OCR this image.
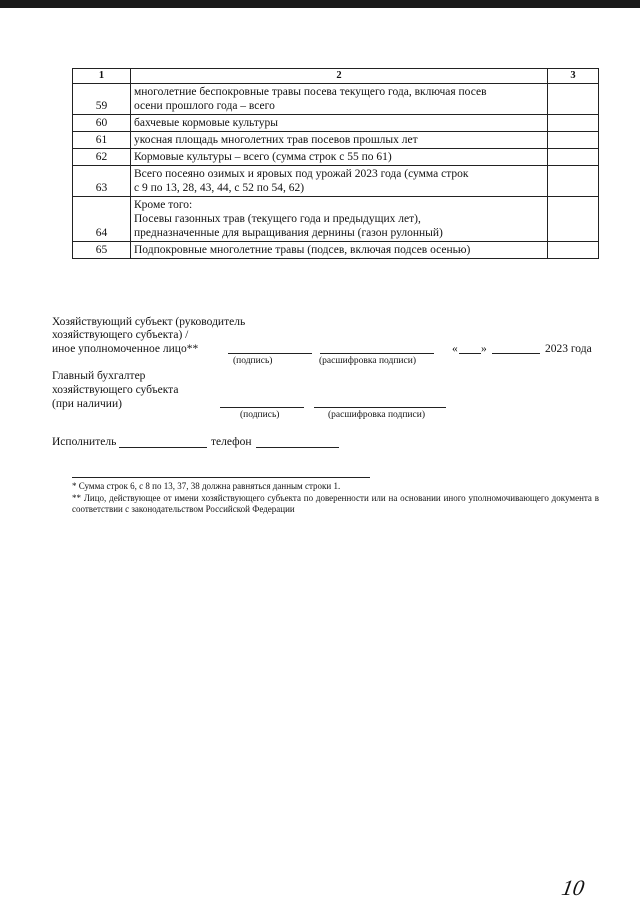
1	2	3
59	многолетние беспокровные травы посева текущего года, включая посев
осени прошлого года – всего	

60	бахчевые кормовые культуры	

61	укосная площадь многолетних трав посевов прошлых лет	

62	Кормовые культуры – всего (сумма строк с 55 по 61)	

63	Всего посеяно озимых и яровых под урожай 2023 года (сумма строк
с 9 по 13, 28, 43, 44, с 52 по 54, 62)	

64	Кроме того:
Посевы газонных трав (текущего года и предыдущих лет),
предназначенные для выращивания дернины (газон рулонный)	

65	Подпокровные многолетние травы (подсев, включая подсев осенью)	

Хозяйствующий субъект (руководитель
хозяйствующего субъекта) /
иное уполномоченное лицо**
(подпись)	(расшифровка подписи)
« »	2023 года
Главный бухгалтер
хозяйствующего субъекта
(при наличии)
(подпись)	(расшифровка подписи)
Исполнитель	телефон
* Сумма строк 6, с 8 по 13, 37, 38 должна равняться данным строки 1.
** Лицо, действующее от имени хозяйствующего субъекта по доверенности или на основании иного уполномочивающего документа в соответствии с законодательством Российской Федерации
10
